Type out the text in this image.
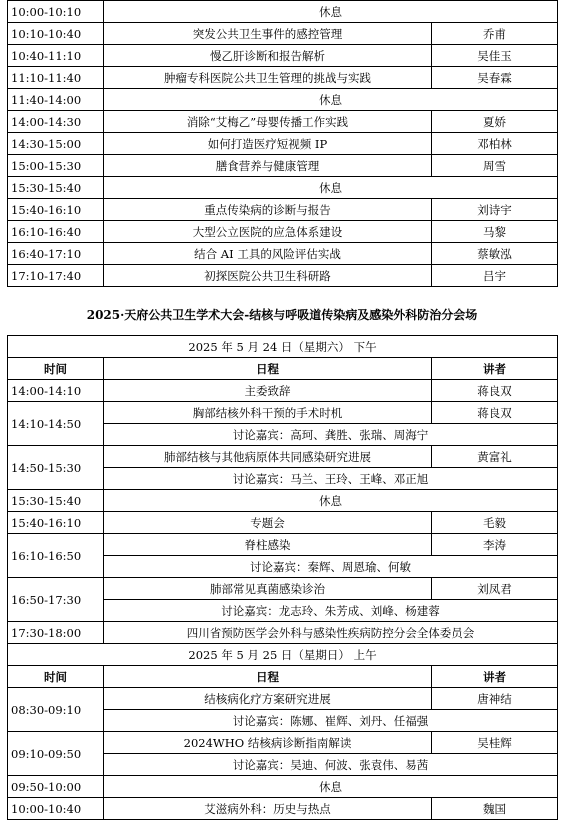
10:00-10:10	休息	
10:10-10:40	突发公共卫生事件的感控管理	乔甫
10:40-11:10	慢乙肝诊断和报告解析	吴佳玉
11:10-11:40	肿瘤专科医院公共卫生管理的挑战与实践	吴春霖
11:40-14:00	休息	
14:00-14:30	消除“艾梅乙”母婴传播工作实践	夏娇
14:30-15:00	如何打造医疗短视频 IP	邓柏林
15:00-15:30	膳食营养与健康管理	周雪
15:30-15:40	休息	
15:40-16:10	重点传染病的诊断与报告	刘诗宇
16:10-16:40	大型公立医院的应急体系建设	马黎
16:40-17:10	结合 AI 工具的风险评估实战	蔡敏泓
17:10-17:40	初探医院公共卫生科研路	吕宇
2025·天府公共卫生学术大会-结核与呼吸道传染病及感染外科防治分会场
2025 年 5 月 24 日（星期六） 下午		
时间	日程	讲者
14:00-14:10	主委致辞	蒋良双
14:10-14:50	胸部结核外科干预的手术时机	蒋良双
	讨论嘉宾：高珂、龚胜、张瑞、周海宁	
14:50-15:30	肺部结核与其他病原体共同感染研究进展	黄富礼
	讨论嘉宾：马兰、王玲、王峰、邓正旭	
15:30-15:40	休息	
15:40-16:10	专题会	毛毅
16:10-16:50	脊柱感染	李涛
	讨论嘉宾：秦辉、周恩瑜、何敏	
16:50-17:30	肺部常见真菌感染诊治	刘凤君
	讨论嘉宾：龙志玲、朱芳成、刘峰、杨建蓉	
17:30-18:00	四川省预防医学会外科与感染性疾病防控分会全体委员会	
2025 年 5 月 25 日（星期日） 上午		
时间	日程	讲者
08:30-09:10	结核病化疗方案研究进展	唐神结
	讨论嘉宾：陈娜、崔辉、刘丹、任福强	
09:10-09:50	2024WHO 结核病诊断指南解读	吴桂辉
	讨论嘉宾：吴迪、何波、张袁伟、易茜	
09:50-10:00	休息	
10:00-10:40	艾滋病外科：历史与热点	魏国
